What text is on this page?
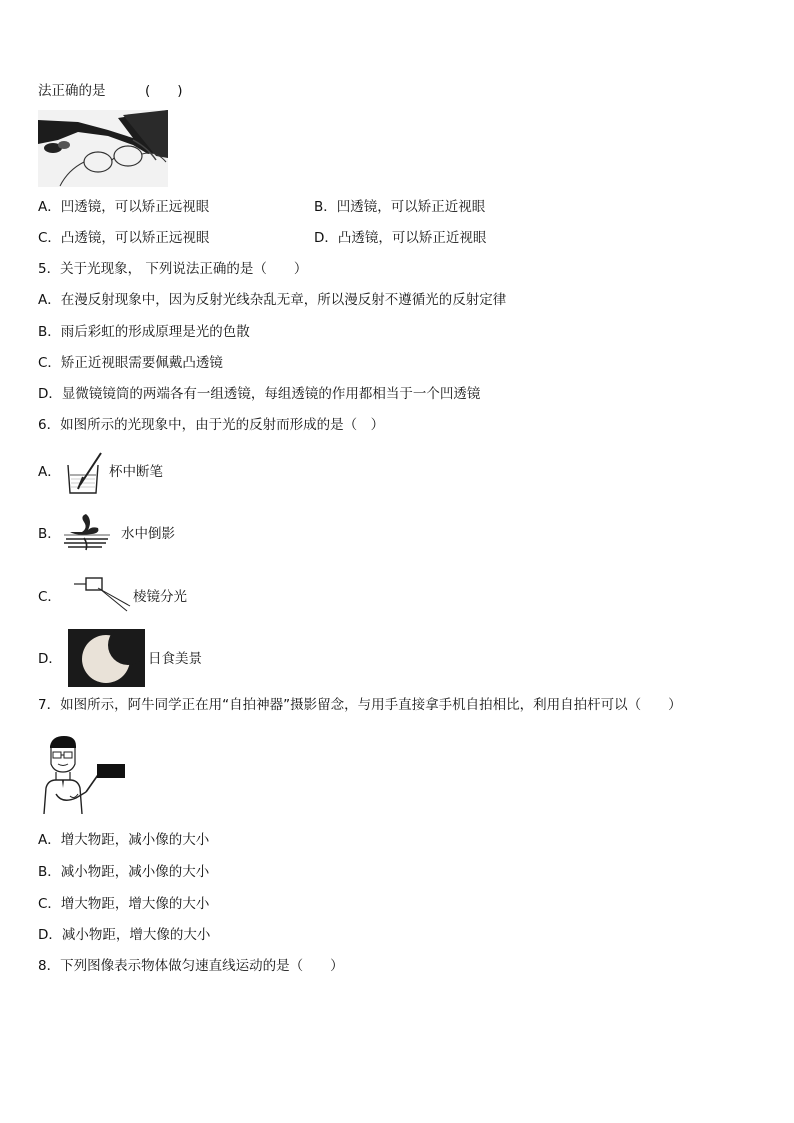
法正确的是	(　　)
A．凹透镜，可以矫正远视眼	B．凹透镜，可以矫正近视眼
C．凸透镜，可以矫正远视眼	D．凸透镜，可以矫正近视眼
5．关于光现象， 下列说法正确的是（　　）
A．在漫反射现象中，因为反射光线杂乱无章，所以漫反射不遵循光的反射定律
B．雨后彩虹的形成原理是光的色散
C．矫正近视眼需要佩戴凸透镜
D．显微镜镜筒的两端各有一组透镜，每组透镜的作用都相当于一个凹透镜
6．如图所示的光现象中，由于光的反射而形成的是（　）
A．	杯中断笔
B．	水中倒影
C．	棱镜分光
D．	日食美景
7．如图所示，阿牛同学正在用“自拍神器”摄影留念，与用手直接拿手机自拍相比，利用自拍杆可以（　　）
A．增大物距，减小像的大小
B．减小物距，减小像的大小
C．增大物距，增大像的大小
D．减小物距，增大像的大小
8．下列图像表示物体做匀速直线运动的是（　　）
